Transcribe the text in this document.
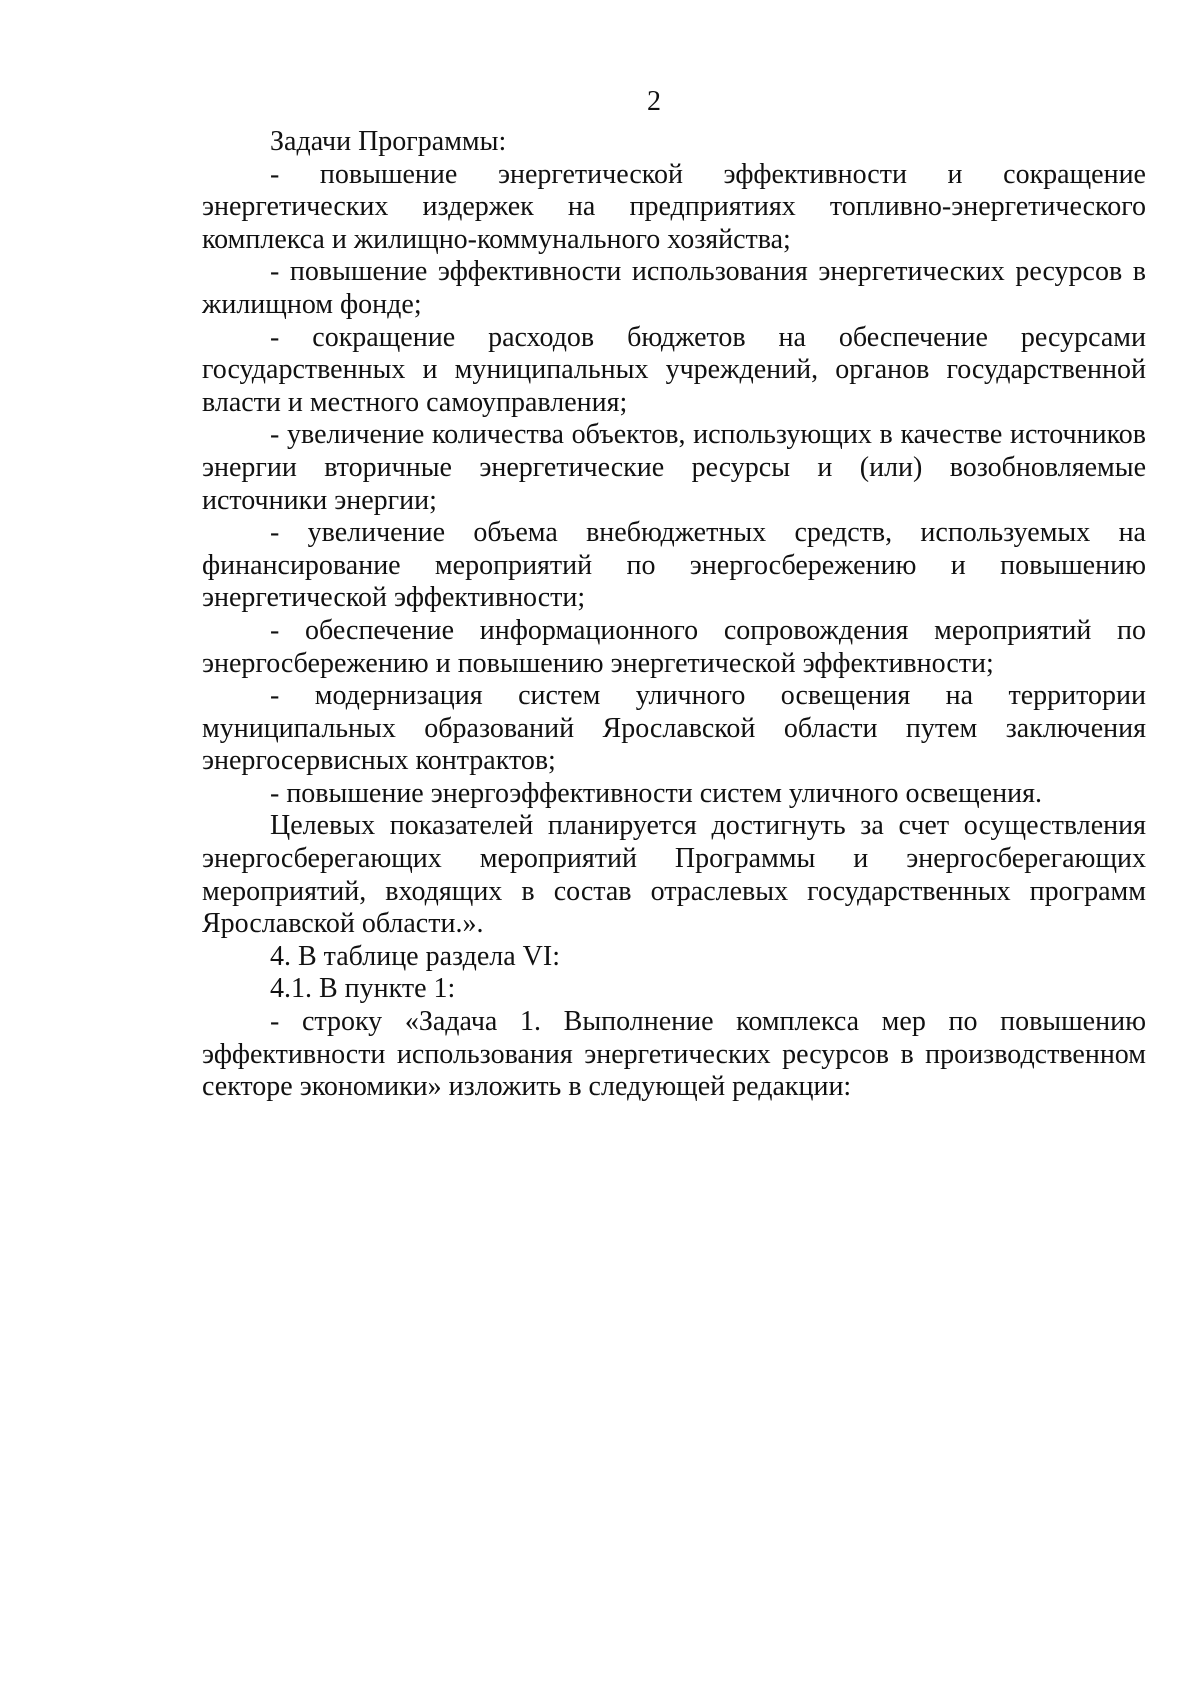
2

Задачи Программы:

- повышение энергетической эффективности и сокращение энергетических издержек на предприятиях топливно-энергетического комплекса и жилищно-коммунального хозяйства;

- повышение эффективности использования энергетических ресурсов в жилищном фонде;

- сокращение расходов бюджетов на обеспечение ресурсами государственных и муниципальных учреждений, органов государственной власти и местного самоуправления;

- увеличение количества объектов, использующих в качестве источников энергии вторичные энергетические ресурсы и (или) возобновляемые источники энергии;

- увеличение объема внебюджетных средств, используемых на финансирование мероприятий по энергосбережению и повышению энергетической эффективности;

- обеспечение информационного сопровождения мероприятий по энергосбережению и повышению энергетической эффективности;

- модернизация систем уличного освещения на территории муниципальных образований Ярославской области путем заключения энергосервисных контрактов;

- повышение энергоэффективности систем уличного освещения.

Целевых показателей планируется достигнуть за счет осуществления энергосберегающих мероприятий Программы и энергосберегающих мероприятий, входящих в состав отраслевых государственных программ Ярославской области.».

4. В таблице раздела VI:

4.1. В пункте 1:

- строку «Задача 1. Выполнение комплекса мер по повышению эффективности использования энергетических ресурсов в производственном секторе экономики» изложить в следующей редакции:
